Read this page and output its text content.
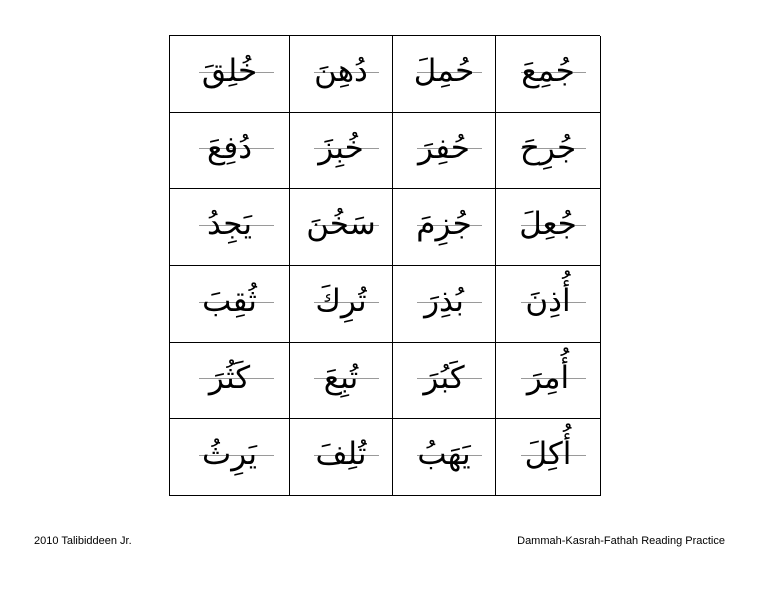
خُلِقَ	دُهِنَ	حُمِلَ	جُمِعَ
دُفِعَ	خُبِزَ	حُفِرَ	جُرِحَ
يَجِدُ	سَخُنَ	جُزِمَ	جُعِلَ
ثُقِبَ	تُرِكَ	بُذِرَ	أُذِنَ
كَثُرَ	تُبِعَ	كَبُرَ	أُمِرَ
يَرِثُ	تُلِفَ	يَهَبُ	أُكِلَ
2010 Talibiddeen Jr.	Dammah-Kasrah-Fathah Reading Practice
